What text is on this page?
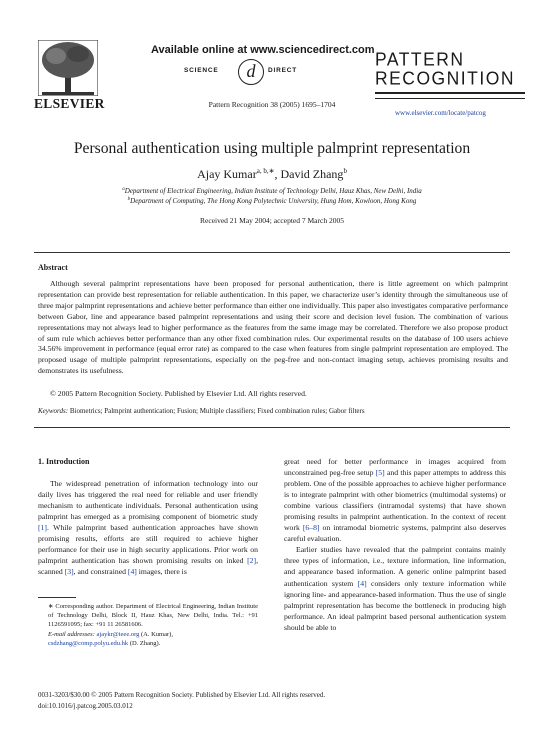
ELSEVIER
Available online at www.sciencedirect.com
SCIENCE	d	DIRECT
Pattern Recognition 38 (2005) 1695–1704
PATTERN
RECOGNITION
www.elsevier.com/locate/patcog
Personal authentication using multiple palmprint representation
Ajay Kumar$^{a, b,∗}$, David Zhang$^b$
$^a$Department of Electrical Engineering, Indian Institute of Technology Delhi, Hauz Khas, New Delhi, India
$^b$Department of Computing, The Hong Kong Polytechnic University, Hung Hom, Kowloon, Hong Kong
Received 21 May 2004; accepted 7 March 2005
Abstract
Although several palmprint representations have been proposed for personal authentication, there is little agreement on which palmprint representation can provide best representation for reliable authentication. In this paper, we characterize user’s identity through the simultaneous use of three major palmprint representations and achieve better performance than either one individually. This paper also investigates comparative performance between Gabor, line and appearance based palmprint representations and using their score and decision level fusion. The combination of various representations may not always lead to higher performance as the features from the same image may be correlated. Therefore we also propose product of sum rule which achieves better performance than any other fixed combination rules. Our experimental results on the database of 100 users achieve 34.56% improvement in performance (equal error rate) as compared to the case when features from single palmprint representation are employed. The proposed usage of multiple palmprint representations, especially on the peg-free and non-contact imaging setup, achieves promising results and demonstrates its usefulness.
© 2005 Pattern Recognition Society. Published by Elsevier Ltd. All rights reserved.
Keywords: Biometrics; Palmprint authentication; Fusion; Multiple classifiers; Fixed combination rules; Gabor filters
1. Introduction

The widespread penetration of information technology into our daily lives has triggered the real need for reliable and user friendly mechanism to authenticate individuals. Personal authentication using palmprint has emerged as a promising component of biometric study [1]. While palmprint based authentication approaches have shown promising results, efforts are still required to achieve higher performance for their use in high security applications. Prior work on palmprint authentication has shown promising results on inked [2], scanned [3], and constrained [4] images, there is

∗ Corresponding author. Department of Electrical Engineering, Indian Institute of Technology Delhi, Block II, Hauz Khas, New Delhi, India. Tel.: +91 1126591095; fax: +91 11 26581606.
E-mail addresses: ajaykr@ieee.org (A. Kumar),
csdzhang@comp.polyu.edu.hk (D. Zhang).

great need for better performance in images acquired from unconstrained peg-free setup [5] and this paper attempts to address this problem. One of the possible approaches to achieve higher performance is to integrate palmprint with other biometrics (multimodal systems) or combine various classifiers (intramodal systems) that have shown promising results in palmprint authentication. In the context of recent work [6–8] on intramodal biometric systems, palmprint also deserves careful evaluation.

Earlier studies have revealed that the palmprint contains mainly three types of information, i.e., texture information, line information, and appearance based information. A generic online palmprint based authentication system [4] considers only texture information while ignoring line- and appearance-based information. Thus the use of single palmprint representation has become the bottleneck in producing high performance. An ideal palmprint based personal authentication system should be able to

0031-3203/$30.00 © 2005 Pattern Recognition Society. Published by Elsevier Ltd. All rights reserved.
doi:10.1016/j.patcog.2005.03.012
